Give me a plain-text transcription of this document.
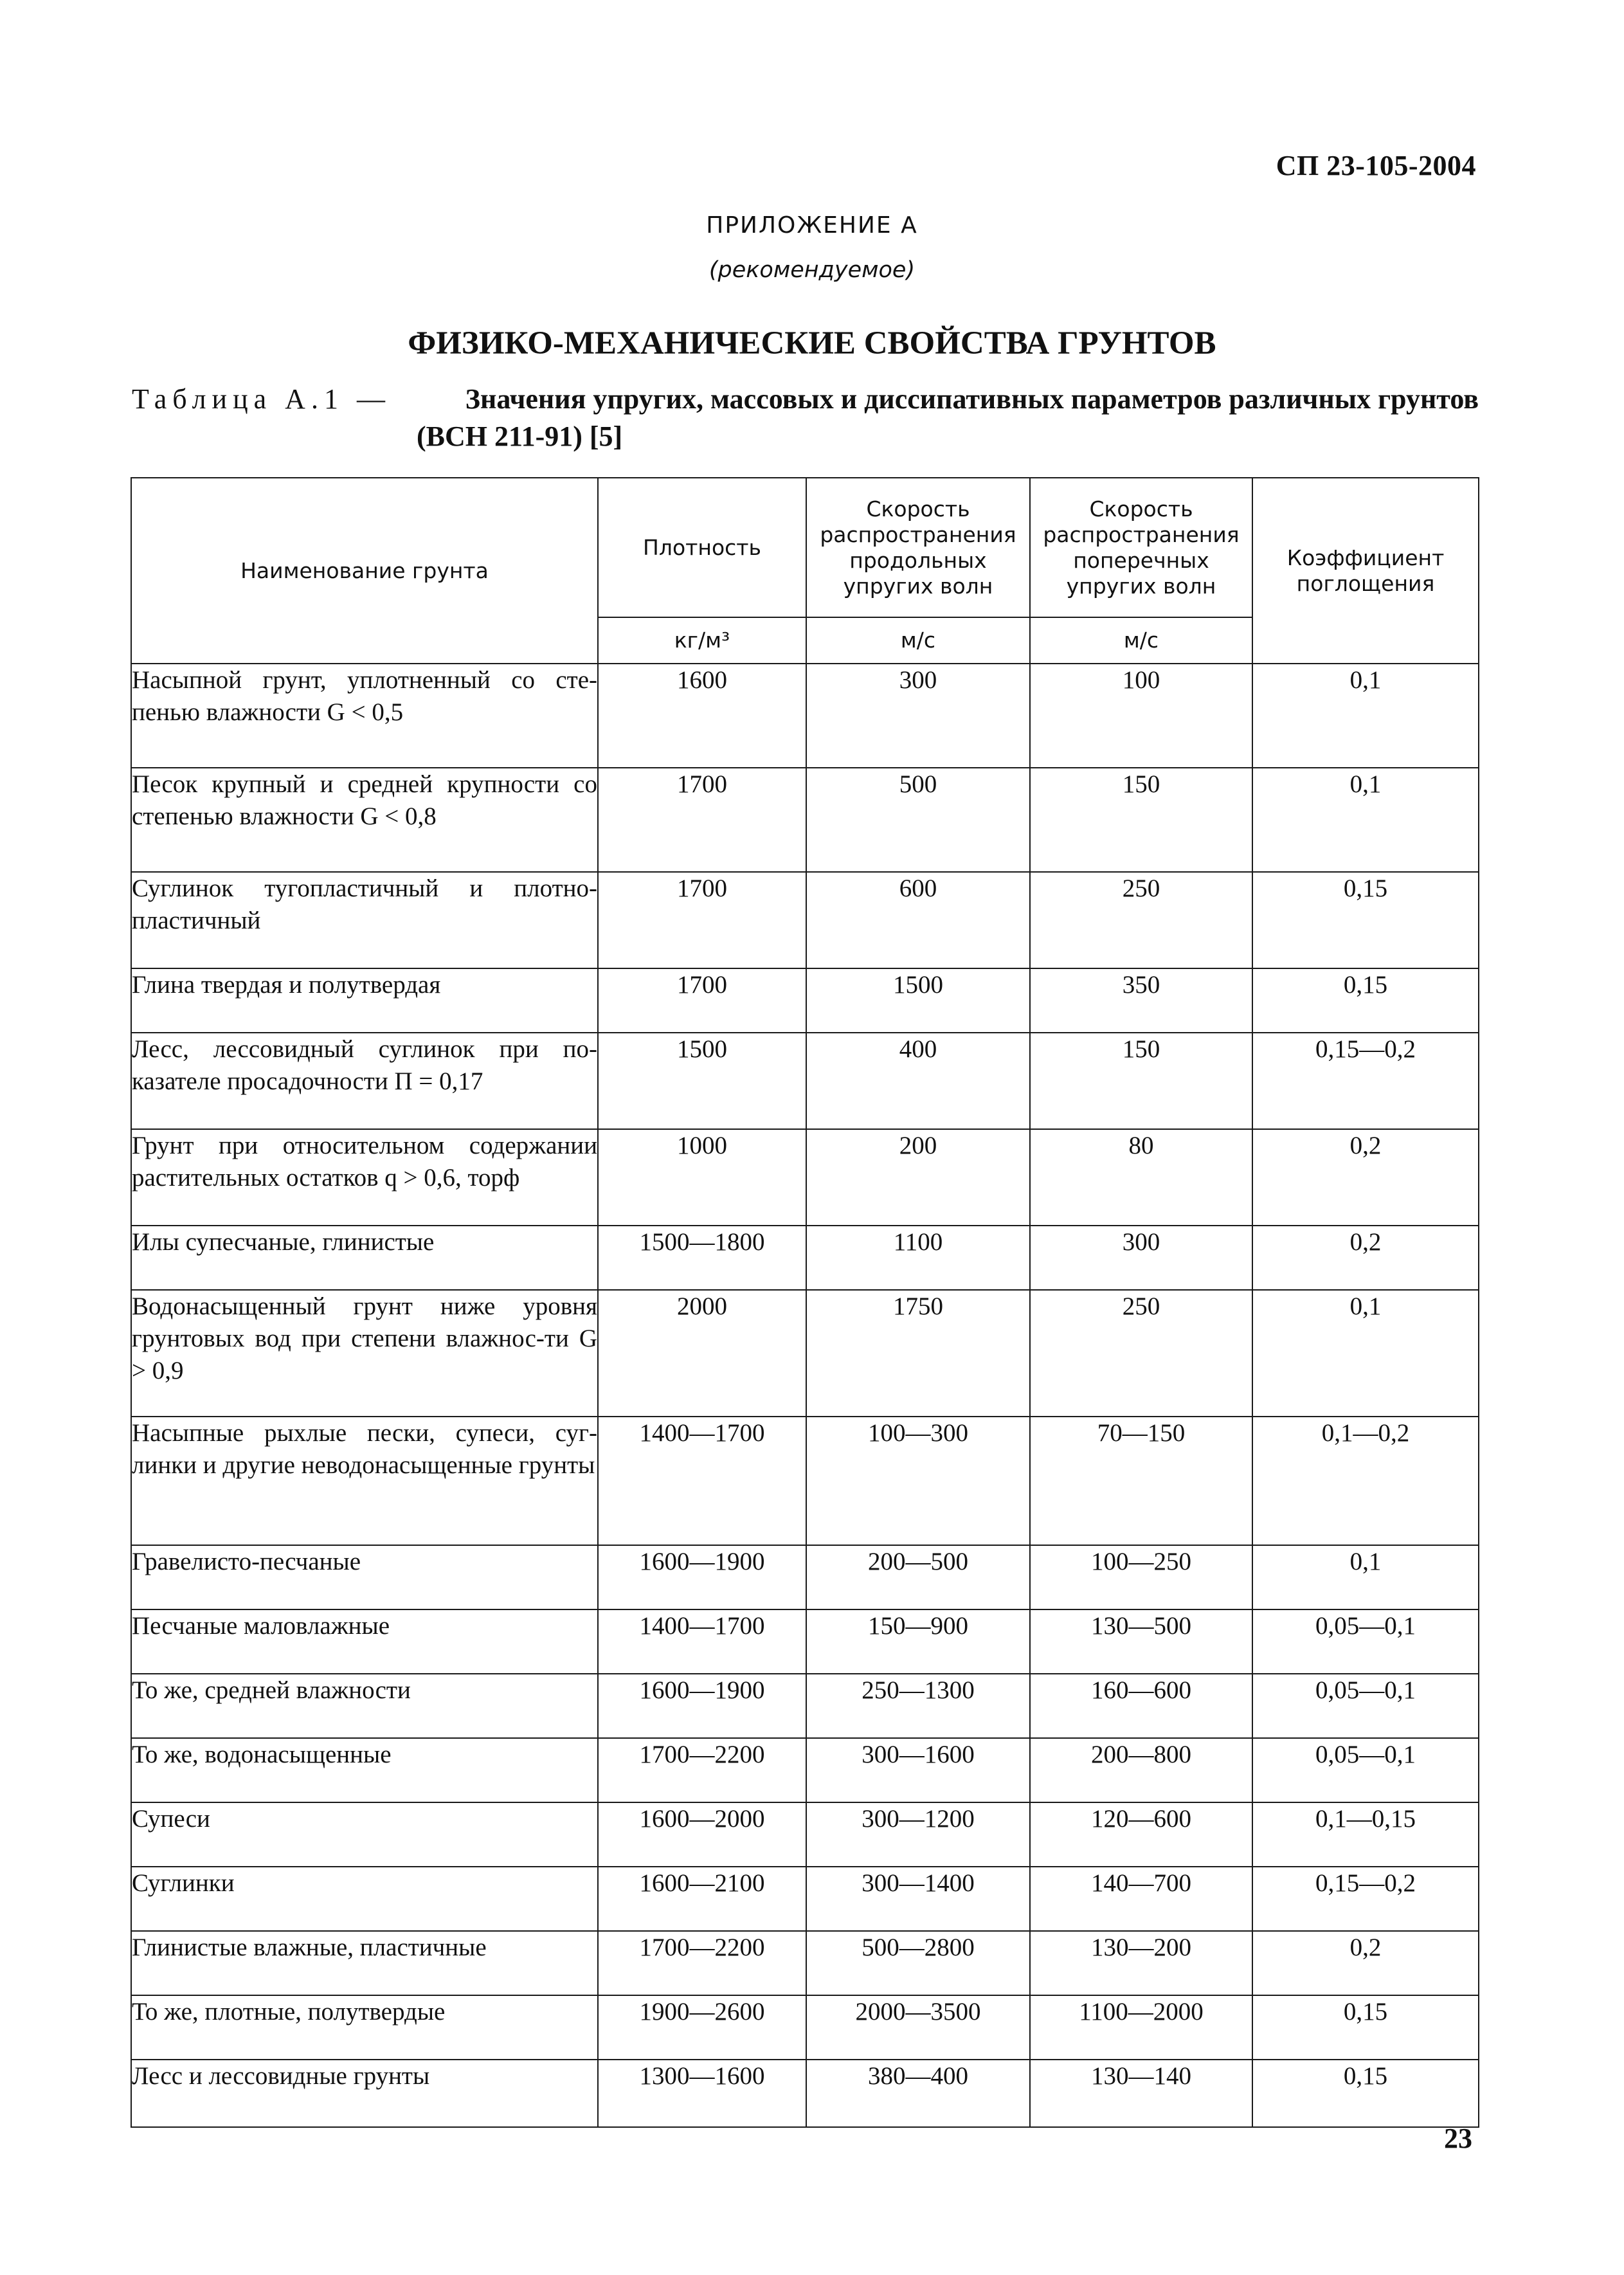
СП 23-105-2004
ПРИЛОЖЕНИЕ А
(рекомендуемое)
ФИЗИКО-МЕХАНИЧЕСКИЕ СВОЙСТВА ГРУНТОВ
Таблица А.1 —	Значения упругих, массовых и диссипативных параметров различных грунтов
(ВСН 211-91) [5]
Наименование грунта	Плотность	Скорость распространения продольных упругих волн	Скорость распространения поперечных упругих волн	Коэффициент поглощения
	кг/м³	м/с	м/с	
Насыпной грунт, уплотненный со сте-пенью влажности G < 0,5	1600	300	100	0,1
Песок крупный и средней крупности со степенью влажности G < 0,8	1700	500	150	0,1
Суглинок тугопластичный и плотно-пластичный	1700	600	250	0,15
Глина твердая и полутвердая	1700	1500	350	0,15
Лесс, лессовидный суглинок при по-казателе просадочности П = 0,17	1500	400	150	0,15—0,2
Грунт при относительном содержании растительных остатков q > 0,6, торф	1000	200	80	0,2
Илы супесчаные, глинистые	1500—1800	1100	300	0,2
Водонасыщенный грунт ниже уровня грунтовых вод при степени влажнос-ти G > 0,9	2000	1750	250	0,1
Насыпные рыхлые пески, супеси, суг-линки и другие неводонасыщенные грунты	1400—1700	100—300	70—150	0,1—0,2
Гравелисто-песчаные	1600—1900	200—500	100—250	0,1
Песчаные маловлажные	1400—1700	150—900	130—500	0,05—0,1
То же, средней влажности	1600—1900	250—1300	160—600	0,05—0,1
То же, водонасыщенные	1700—2200	300—1600	200—800	0,05—0,1
Супеси	1600—2000	300—1200	120—600	0,1—0,15
Суглинки	1600—2100	300—1400	140—700	0,15—0,2
Глинистые влажные, пластичные	1700—2200	500—2800	130—200	0,2
То же, плотные, полутвердые	1900—2600	2000—3500	1100—2000	0,15
Лесс и лессовидные грунты	1300—1600	380—400	130—140	0,15
23
